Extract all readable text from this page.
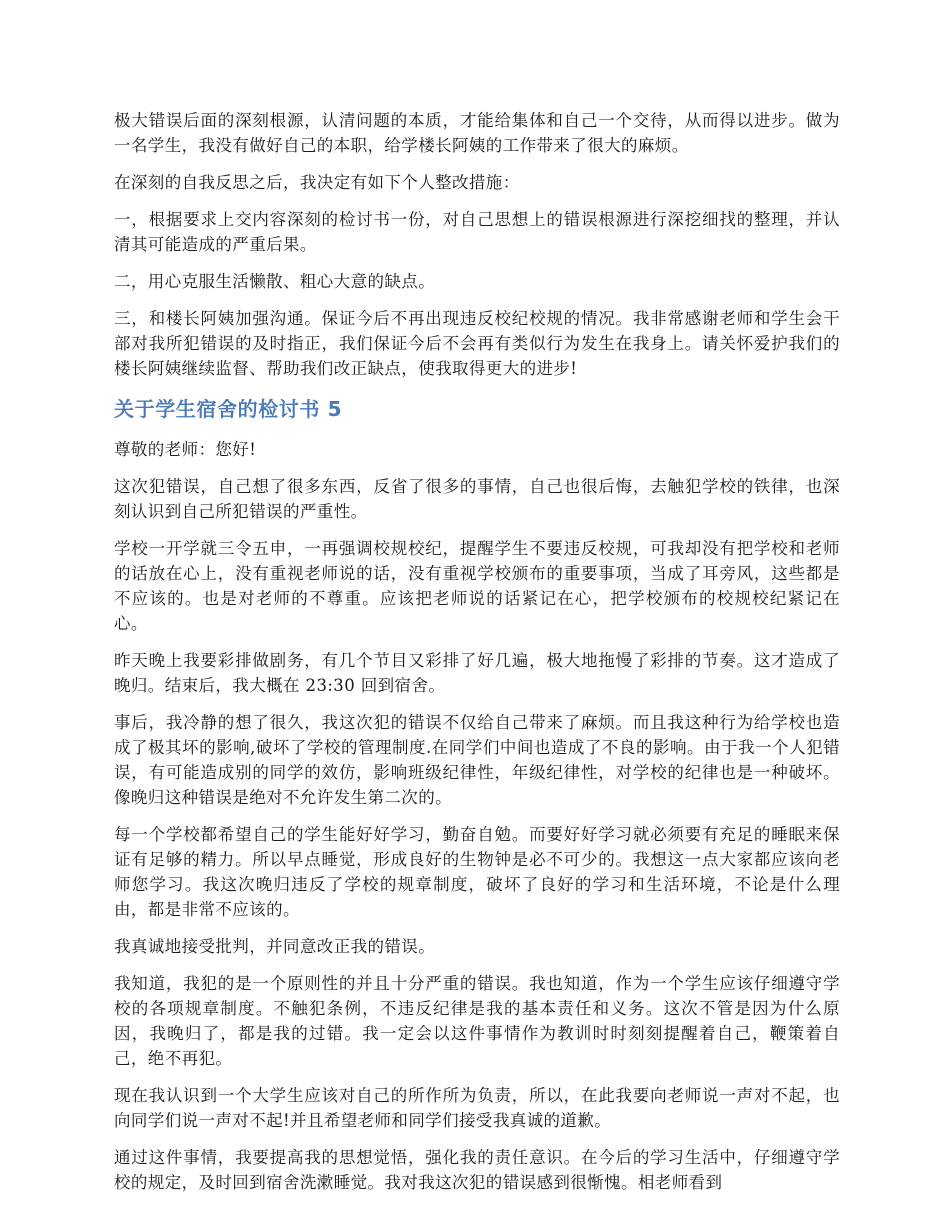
极大错误后面的深刻根源，认清问题的本质，才能给集体和自己一个交待，从而得以进步。做为一名学生，我没有做好自己的本职，给学楼长阿姨的工作带来了很大的麻烦。

在深刻的自我反思之后，我决定有如下个人整改措施：

一，根据要求上交内容深刻的检讨书一份，对自己思想上的错误根源进行深挖细找的整理，并认清其可能造成的严重后果。

二，用心克服生活懒散、粗心大意的缺点。

三，和楼长阿姨加强沟通。保证今后不再出现违反校纪校规的情况。我非常感谢老师和学生会干部对我所犯错误的及时指正，我们保证今后不会再有类似行为发生在我身上。请关怀爱护我们的楼长阿姨继续监督、帮助我们改正缺点，使我取得更大的进步!

关于学生宿舍的检讨书 5

尊敬的老师：您好!

这次犯错误，自己想了很多东西，反省了很多的事情，自己也很后悔，去触犯学校的铁律，也深刻认识到自己所犯错误的严重性。

学校一开学就三令五申，一再强调校规校纪，提醒学生不要违反校规，可我却没有把学校和老师的话放在心上，没有重视老师说的话，没有重视学校颁布的重要事项，当成了耳旁风，这些都是不应该的。也是对老师的不尊重。应该把老师说的话紧记在心，把学校颁布的校规校纪紧记在心。

昨天晚上我要彩排做剧务，有几个节目又彩排了好几遍，极大地拖慢了彩排的节奏。这才造成了晚归。结束后，我大概在 23:30 回到宿舍。

事后，我冷静的想了很久，我这次犯的错误不仅给自己带来了麻烦。而且我这种行为给学校也造成了极其坏的影响,破坏了学校的管理制度.在同学们中间也造成了不良的影响。由于我一个人犯错误，有可能造成别的同学的效仿，影响班级纪律性，年级纪律性，对学校的纪律也是一种破坏。像晚归这种错误是绝对不允许发生第二次的。

每一个学校都希望自己的学生能好好学习，勤奋自勉。而要好好学习就必须要有充足的睡眠来保证有足够的精力。所以早点睡觉，形成良好的生物钟是必不可少的。我想这一点大家都应该向老师您学习。我这次晚归违反了学校的规章制度，破坏了良好的学习和生活环境，不论是什么理由，都是非常不应该的。

我真诚地接受批判，并同意改正我的错误。

我知道，我犯的是一个原则性的并且十分严重的错误。我也知道，作为一个学生应该仔细遵守学校的各项规章制度。不触犯条例，不违反纪律是我的基本责任和义务。这次不管是因为什么原因，我晚归了，都是我的过错。我一定会以这件事情作为教训时时刻刻提醒着自己，鞭策着自己，绝不再犯。

现在我认识到一个大学生应该对自己的所作所为负责，所以，在此我要向老师说一声对不起，也向同学们说一声对不起!并且希望老师和同学们接受我真诚的道歉。

通过这件事情，我要提高我的思想觉悟，强化我的责任意识。在今后的学习生活中，仔细遵守学校的规定，及时回到宿舍洗漱睡觉。我对我这次犯的错误感到很惭愧。相老师看到
